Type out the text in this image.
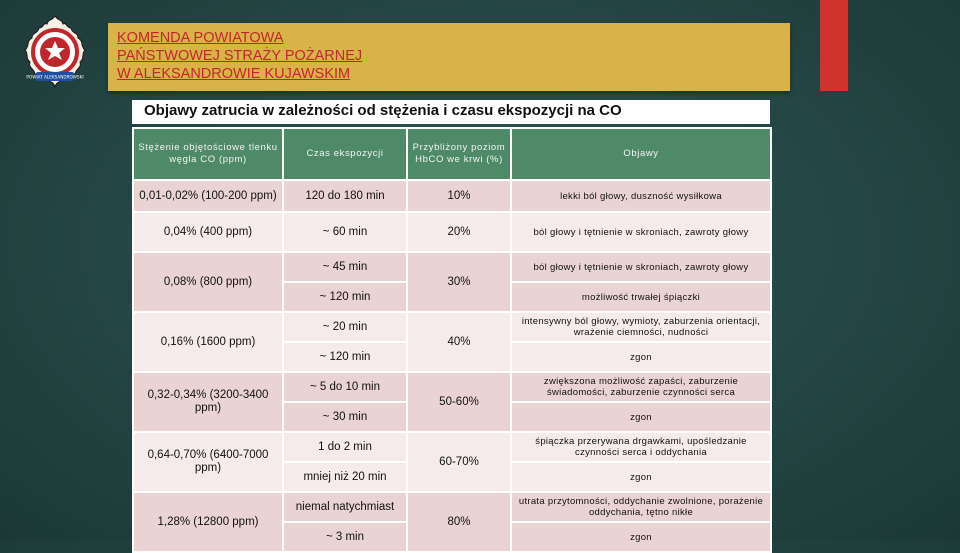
POWIAT ALEKSANDROWSKI
KOMENDA POWIATOWA
PAŃSTWOWEJ STRAŻY POŻARNEJ
W ALEKSANDROWIE KUJAWSKIM
Objawy zatrucia w zależności od stężenia i czasu ekspozycji na CO
Stężenie objętościowe tlenku węgla CO (ppm)	Czas ekspozycji	Przybliżony poziom HbCO we krwi (%)	Objawy
0,01-0,02% (100-200 ppm)	120 do 180 min	10%	lekki ból głowy, duszność wysiłkowa
0,04% (400 ppm)	~ 60 min	20%	ból głowy i tętnienie w skroniach, zawroty głowy
0,08% (800 ppm)	~ 45 min	30%	ból głowy i tętnienie w skroniach, zawroty głowy
	~ 120 min		możliwość trwałej śpiączki
0,16% (1600 ppm)	~ 20 min	40%	intensywny ból głowy, wymioty, zaburzenia orientacji, wrażenie ciemności, nudności
	~ 120 min		zgon
0,32-0,34% (3200-3400 ppm)	~ 5 do 10 min	50-60%	zwiększona możliwość zapaści, zaburzenie świadomości, zaburzenie czynności serca
	~ 30 min		zgon
0,64-0,70% (6400-7000 ppm)	1 do 2 min	60-70%	śpiączka przerywana drgawkami, upośledzanie czynności serca i oddychania
	mniej niż 20 min		zgon
1,28% (12800 ppm)	niemal natychmiast	80%	utrata przytomności, oddychanie zwolnione, porażenie oddychania, tętno nikłe
	~ 3 min		zgon
